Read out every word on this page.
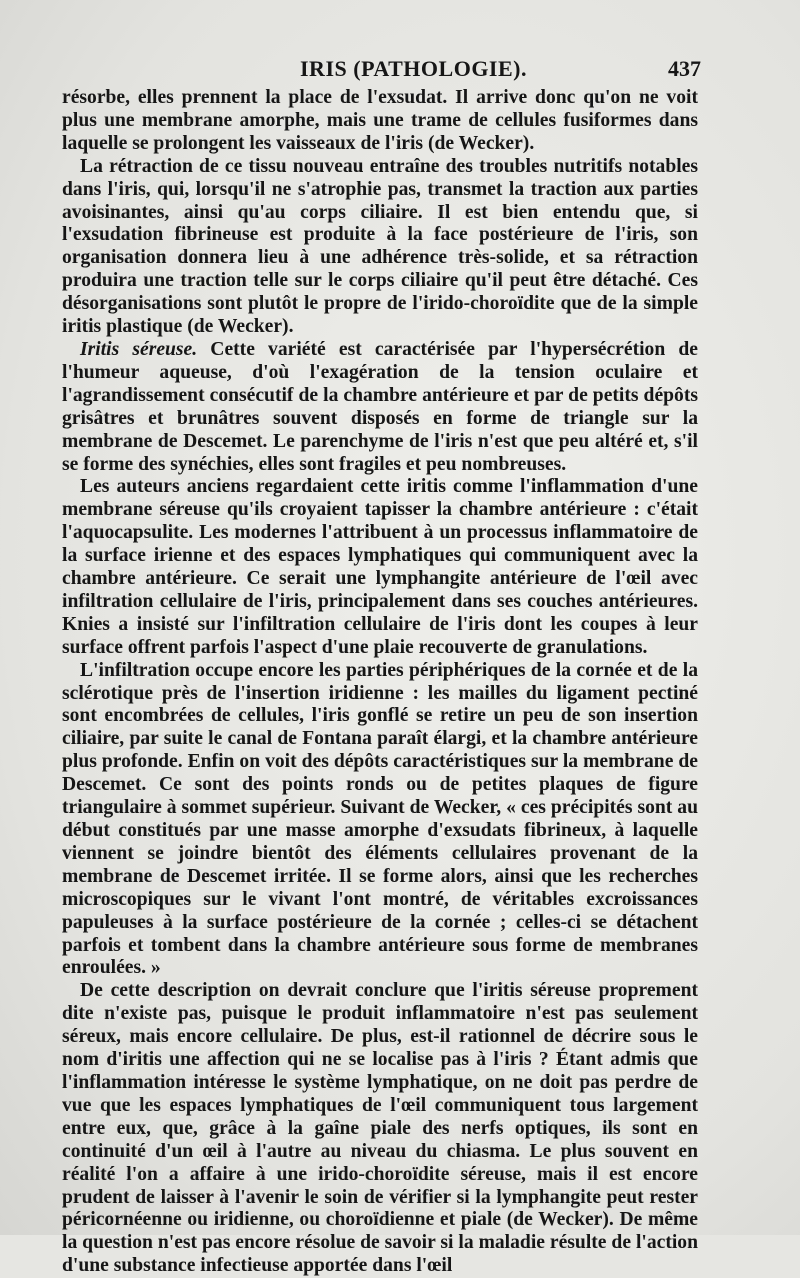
IRIS (PATHOLOGIE).	437

résorbe, elles prennent la place de l'exsudat. Il arrive donc qu'on ne voit plus une membrane amorphe, mais une trame de cellules fusiformes dans laquelle se prolongent les vaisseaux de l'iris (de Wecker).

La rétraction de ce tissu nouveau entraîne des troubles nutritifs notables dans l'iris, qui, lorsqu'il ne s'atrophie pas, transmet la traction aux parties avoisinantes, ainsi qu'au corps ciliaire. Il est bien entendu que, si l'exsudation fibrineuse est produite à la face postérieure de l'iris, son organisation donnera lieu à une adhérence très-solide, et sa rétraction produira une traction telle sur le corps ciliaire qu'il peut être détaché. Ces désorganisations sont plutôt le propre de l'irido-choroïdite que de la simple iritis plastique (de Wecker).

Iritis séreuse. Cette variété est caractérisée par l'hypersécrétion de l'humeur aqueuse, d'où l'exagération de la tension oculaire et l'agrandissement consécutif de la chambre antérieure et par de petits dépôts grisâtres et brunâtres souvent disposés en forme de triangle sur la membrane de Descemet. Le parenchyme de l'iris n'est que peu altéré et, s'il se forme des synéchies, elles sont fragiles et peu nombreuses.

Les auteurs anciens regardaient cette iritis comme l'inflammation d'une membrane séreuse qu'ils croyaient tapisser la chambre antérieure : c'était l'aquocapsulite. Les modernes l'attribuent à un processus inflammatoire de la surface irienne et des espaces lymphatiques qui communiquent avec la chambre antérieure. Ce serait une lymphangite antérieure de l'œil avec infiltration cellulaire de l'iris, principalement dans ses couches antérieures. Knies a insisté sur l'infiltration cellulaire de l'iris dont les coupes à leur surface offrent parfois l'aspect d'une plaie recouverte de granulations.

L'infiltration occupe encore les parties périphériques de la cornée et de la sclérotique près de l'insertion iridienne : les mailles du ligament pectiné sont encombrées de cellules, l'iris gonflé se retire un peu de son insertion ciliaire, par suite le canal de Fontana paraît élargi, et la chambre antérieure plus profonde. Enfin on voit des dépôts caractéristiques sur la membrane de Descemet. Ce sont des points ronds ou de petites plaques de figure triangulaire à sommet supérieur. Suivant de Wecker, « ces précipités sont au début constitués par une masse amorphe d'exsudats fibrineux, à laquelle viennent se joindre bientôt des éléments cellulaires provenant de la membrane de Descemet irritée. Il se forme alors, ainsi que les recherches microscopiques sur le vivant l'ont montré, de véritables excroissances papuleuses à la surface postérieure de la cornée ; celles-ci se détachent parfois et tombent dans la chambre antérieure sous forme de membranes enroulées. »

De cette description on devrait conclure que l'iritis séreuse proprement dite n'existe pas, puisque le produit inflammatoire n'est pas seulement séreux, mais encore cellulaire. De plus, est-il rationnel de décrire sous le nom d'iritis une affection qui ne se localise pas à l'iris ? Étant admis que l'inflammation intéresse le système lymphatique, on ne doit pas perdre de vue que les espaces lymphatiques de l'œil communiquent tous largement entre eux, que, grâce à la gaîne piale des nerfs optiques, ils sont en continuité d'un œil à l'autre au niveau du chiasma. Le plus souvent en réalité l'on a affaire à une irido-choroïdite séreuse, mais il est encore prudent de laisser à l'avenir le soin de vérifier si la lymphangite peut rester péricornéenne ou iridienne, ou choroïdienne et piale (de Wecker). De même la question n'est pas encore résolue de savoir si la maladie résulte de l'action d'une substance infectieuse apportée dans l'œil
